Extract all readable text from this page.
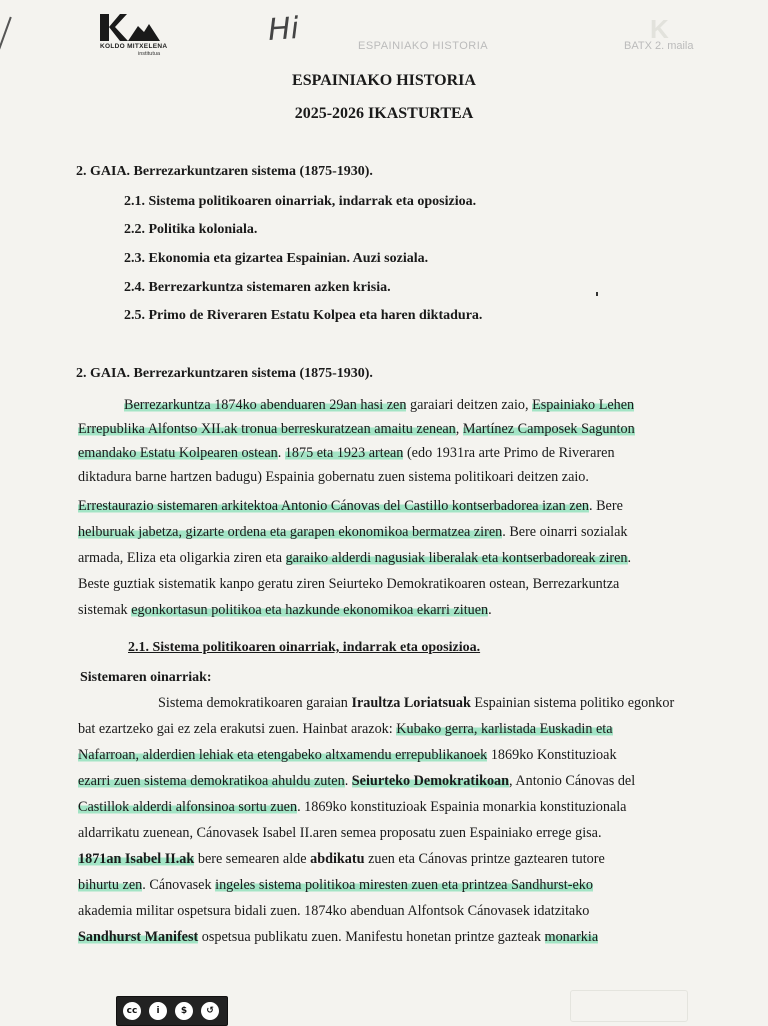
KOLDO MITXELENA
institutua
Hi	ESPAINIAKO HISTORIA
K
BATX 2. maila
ESPAINIAKO HISTORIA
2025-2026 IKASTURTEA
2. GAIA. Berrezarkuntzaren sistema (1875-1930).
2.1. Sistema politikoaren oinarriak, indarrak eta oposizioa.
2.2. Politika koloniala.
2.3. Ekonomia eta gizartea Espainian. Auzi soziala.
2.4. Berrezarkuntza sistemaren azken krisia.
2.5. Primo de Riveraren Estatu Kolpea eta haren diktadura.
2. GAIA. Berrezarkuntzaren sistema (1875-1930).
Berrezarkuntza 1874ko abenduaren 29an hasi zen garaiari deitzen zaio, Espainiako Lehen
Errepublika Alfontso XII.ak tronua berreskuratzean amaitu zenean, Martínez Camposek Sagunton
emandako Estatu Kolpearen ostean. 1875 eta 1923 artean (edo 1931ra arte Primo de Riveraren
diktadura barne hartzen badugu) Espainia gobernatu zuen sistema politikoari deitzen zaio.
Errestaurazio sistemaren arkitektoa Antonio Cánovas del Castillo kontserbadorea izan zen. Bere
helburuak jabetza, gizarte ordena eta garapen ekonomikoa bermatzea ziren. Bere oinarri sozialak
armada, Eliza eta oligarkia ziren eta garaiko alderdi nagusiak liberalak eta kontserbadoreak ziren.
Beste guztiak sistematik kanpo geratu ziren Seiurteko Demokratikoaren ostean, Berrezarkuntza
sistemak egonkortasun politikoa eta hazkunde ekonomikoa ekarri zituen.
2.1. Sistema politikoaren oinarriak, indarrak eta oposizioa.
Sistemaren oinarriak:
Sistema demokratikoaren garaian Iraultza Loriatsuak Espainian sistema politiko egonkor
bat ezartzeko gai ez zela erakutsi zuen. Hainbat arazok: Kubako gerra, karlistada Euskadin eta
Nafarroan, alderdien lehiak eta etengabeko altxamendu errepublikanoek 1869ko Konstituzioak
ezarri zuen sistema demokratikoa ahuldu zuten. Seiurteko Demokratikoan, Antonio Cánovas del
Castillok alderdi alfonsinoa sortu zuen. 1869ko konstituzioak Espainia monarkia konstituzionala
aldarrikatu zuenean, Cánovasek Isabel II.aren semea proposatu zuen Espainiako erregе gisa.
1871an Isabel II.ak bere semearen alde abdikatu zuen eta Cánovas printze gaztearen tutore
bihurtu zen. Cánovasek ingeles sistema politikoa miresten zuen eta printzea Sandhurst-eko
akademia militar ospetsura bidali zuen. 1874ko abenduan Alfontsok Cánovasek idatzitako
Sandhurst Manifest ospetsua publikatu zuen. Manifestu honetan printze gazteak monarkia
cc	i	$	↺
